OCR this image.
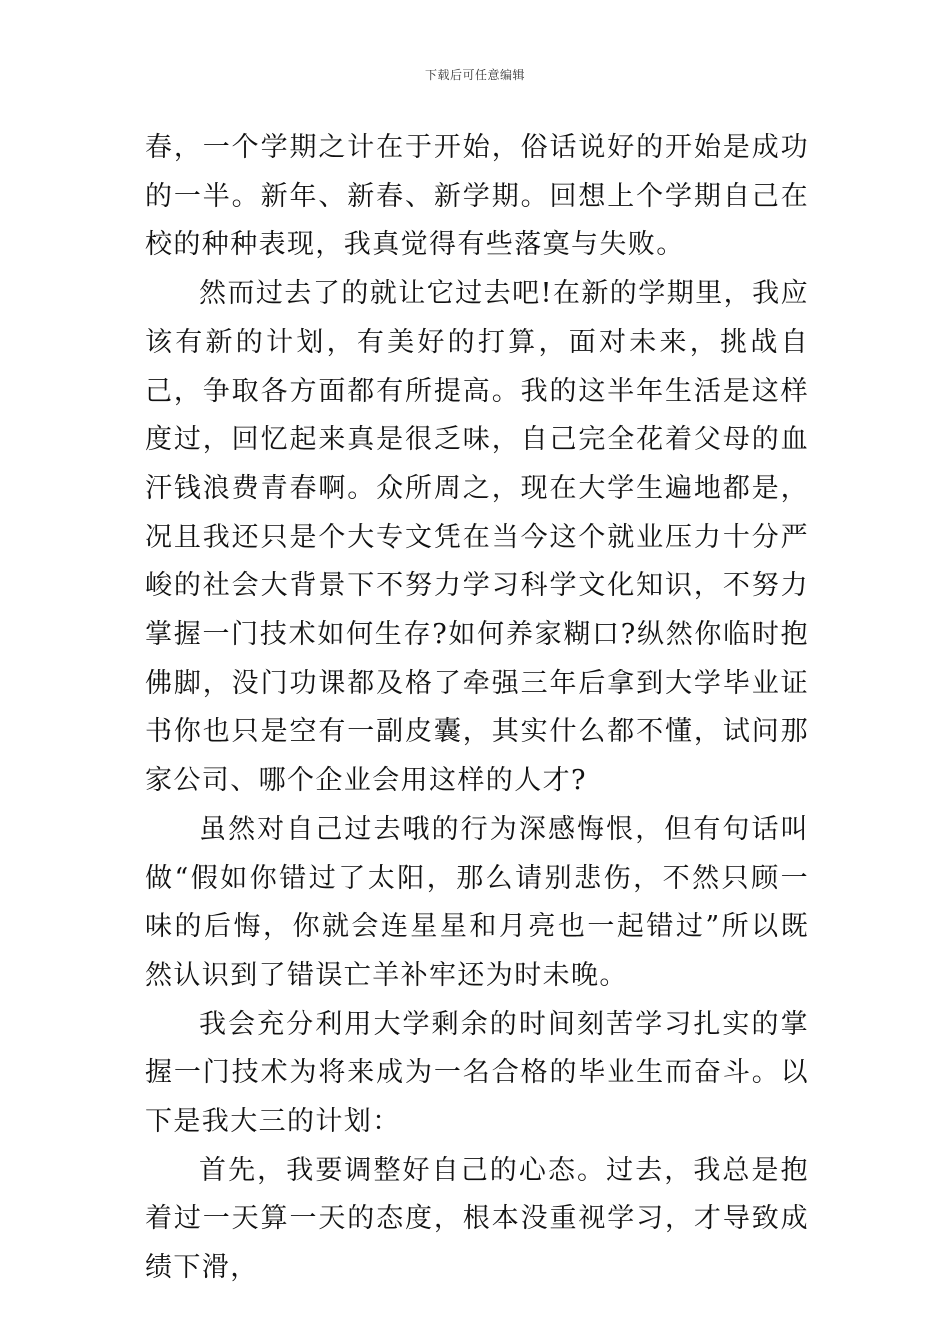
下载后可任意编辑

春，一个学期之计在于开始，俗话说好的开始是成功的一半。新年、新春、新学期。回想上个学期自己在校的种种表现，我真觉得有些落寞与失败。

然而过去了的就让它过去吧!在新的学期里，我应该有新的计划，有美好的打算，面对未来，挑战自己，争取各方面都有所提高。我的这半年生活是这样度过，回忆起来真是很乏味，自己完全花着父母的血汗钱浪费青春啊。众所周之，现在大学生遍地都是，况且我还只是个大专文凭在当今这个就业压力十分严峻的社会大背景下不努力学习科学文化知识，不努力掌握一门技术如何生存?如何养家糊口?纵然你临时抱佛脚，没门功课都及格了牵强三年后拿到大学毕业证书你也只是空有一副皮囊，其实什么都不懂，试问那家公司、哪个企业会用这样的人才?

虽然对自己过去哦的行为深感悔恨，但有句话叫做“假如你错过了太阳，那么请别悲伤，不然只顾一味的后悔，你就会连星星和月亮也一起错过”所以既然认识到了错误亡羊补牢还为时未晚。

我会充分利用大学剩余的时间刻苦学习扎实的掌握一门技术为将来成为一名合格的毕业生而奋斗。以下是我大三的计划：

首先，我要调整好自己的心态。过去，我总是抱着过一天算一天的态度，根本没重视学习，才导致成绩下滑，
